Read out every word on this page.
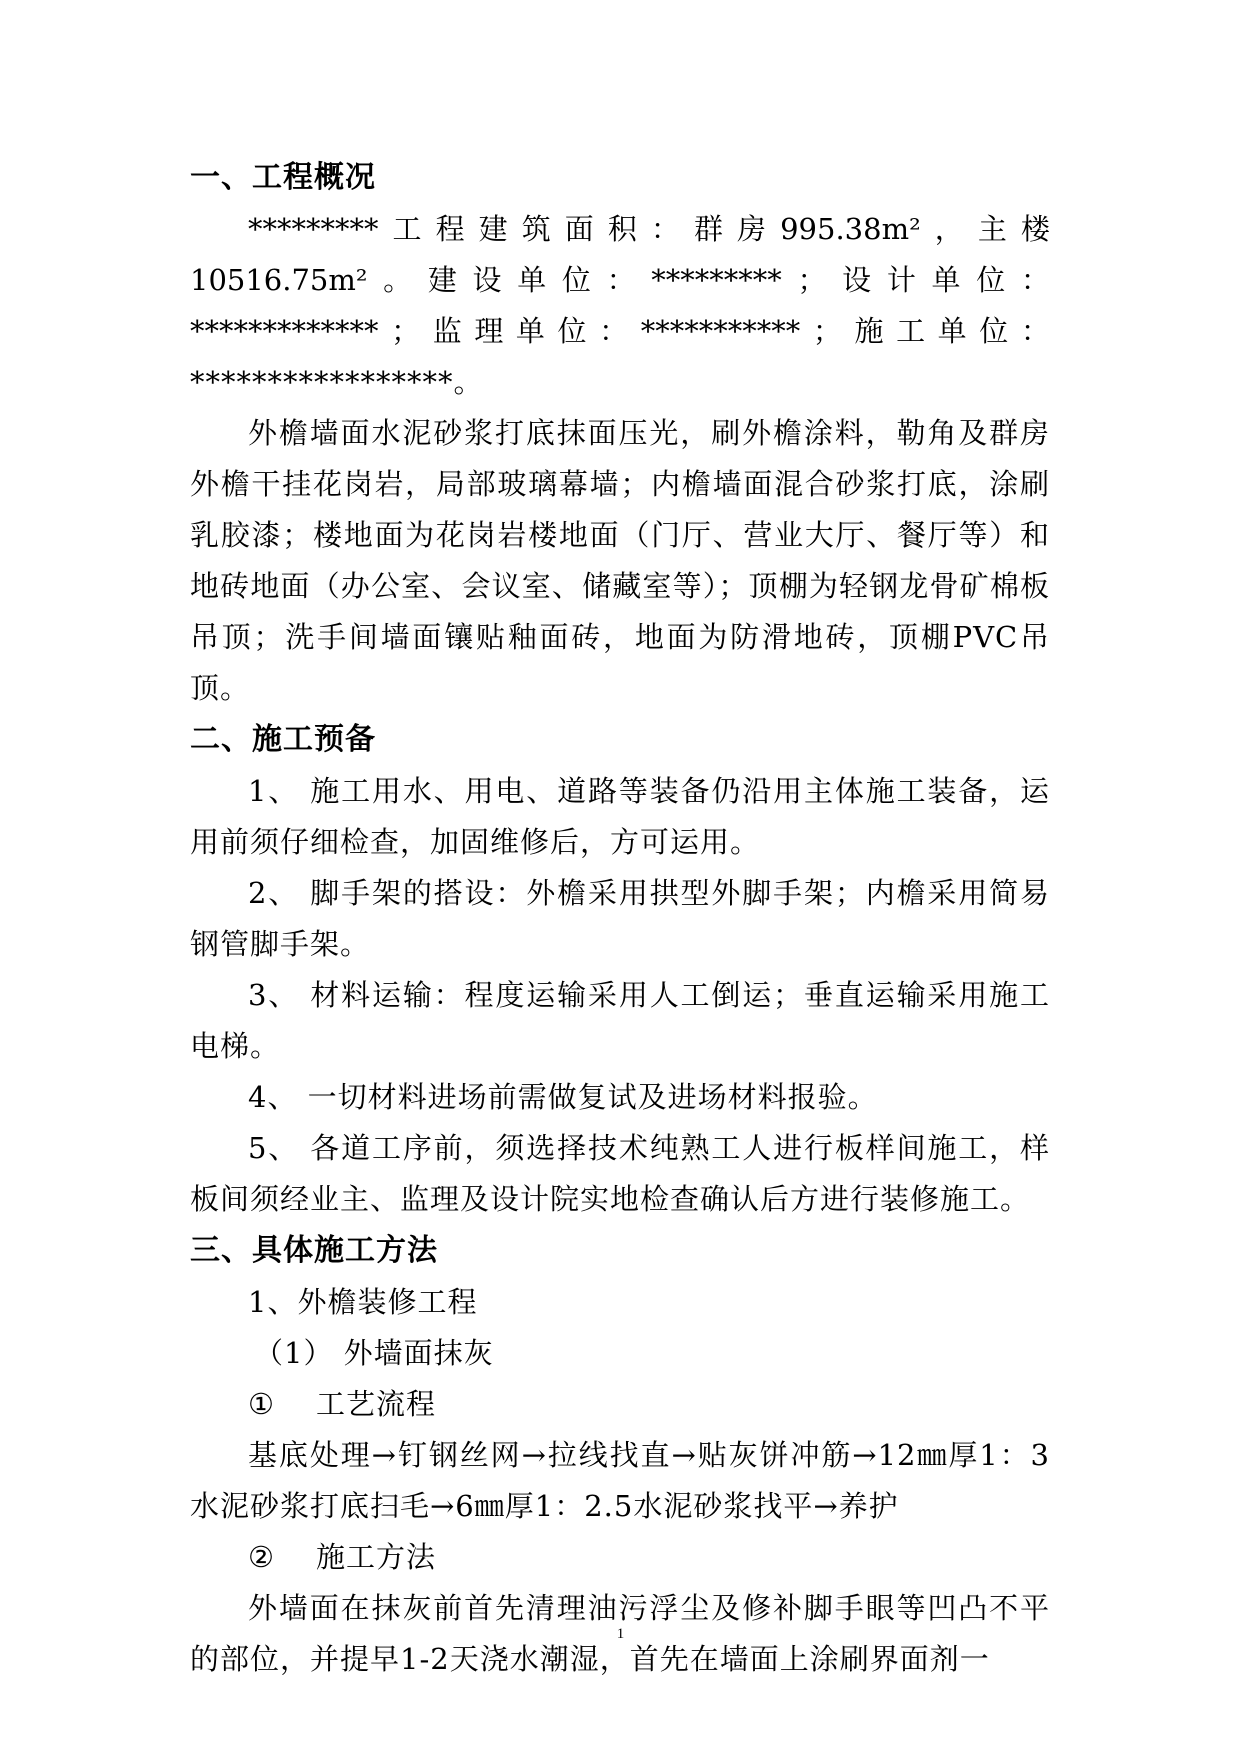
一、工程概况
********* 工 程 建 筑 面 积 ： 群 房 995.38m² ， 主 楼
10516.75m² 。 建 设 单 位 ： ********* ； 设 计 单 位 ：
************* ； 监 理 单 位 ： *********** ； 施 工 单 位 ：
*****************。

外檐墙面水泥砂浆打底抹面压光，刷外檐涂料，勒角及群房外檐干挂花岗岩，局部玻璃幕墙；内檐墙面混合砂浆打底，涂刷乳胶漆；楼地面为花岗岩楼地面（门厅、营业大厅、餐厅等）和地砖地面（办公室、会议室、储藏室等）；顶棚为轻钢龙骨矿棉板吊顶；洗手间墙面镶贴釉面砖，地面为防滑地砖，顶棚PVC吊顶。

二、施工预备

1、 施工用水、用电、道路等装备仍沿用主体施工装备，运用前须仔细检查，加固维修后，方可运用。

2、 脚手架的搭设：外檐采用拱型外脚手架；内檐采用简易钢管脚手架。

3、 材料运输：程度运输采用人工倒运；垂直运输采用施工电梯。

4、 一切材料进场前需做复试及进场材料报验。

5、 各道工序前，须选择技术纯熟工人进行板样间施工，样板间须经业主、监理及设计院实地检查确认后方进行装修施工。

三、具体施工方法
1、外檐装修工程
（1） 外墙面抹灰
① 工艺流程

基底处理→钉钢丝网→拉线找直→贴灰饼冲筋→12㎜厚1：3水泥砂浆打底扫毛→6㎜厚1：2.5水泥砂浆找平→养护

② 施工方法

外墙面在抹灰前首先清理油污浮尘及修补脚手眼等凹凸不平的部位，并提早1-2天浇水潮湿，首先在墙面上涂刷界面剂一

1
